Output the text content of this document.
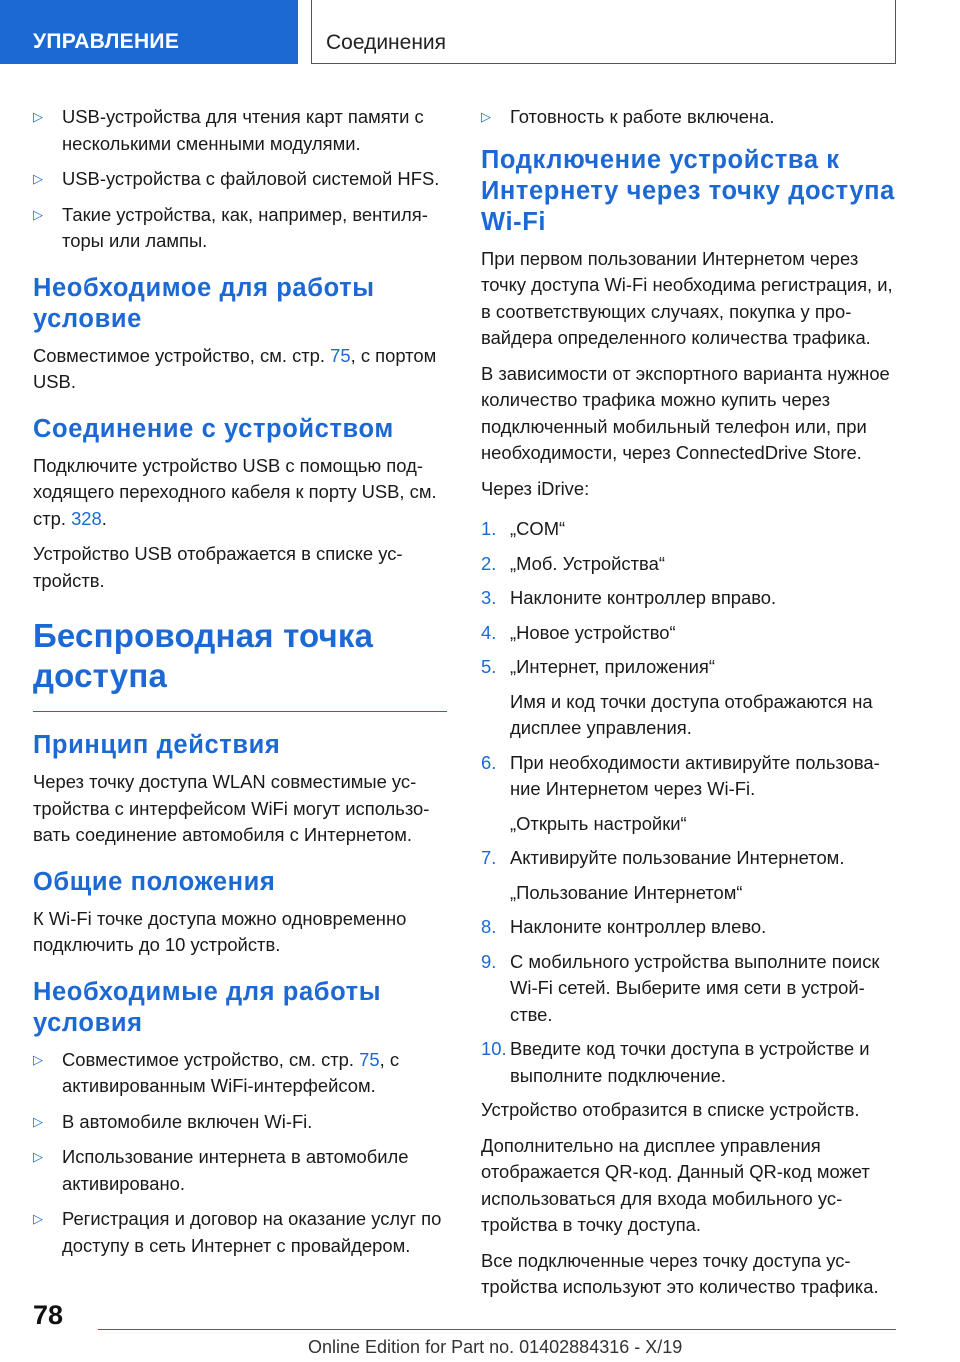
УПРАВЛЕНИЕ	Соединения
▷ USB-устройства для чтения карт памяти с несколькими сменными модулями.
▷ USB-устройства с файловой системой HFS.
▷ Такие устройства, как, например, вентиляторы или лампы.
Необходимое для работы условие
Совместимое устройство, см. стр. 75, с портом USB.
Соединение с устройством
Подключите устройство USB с помощью подходящего переходного кабеля к порту USB, см. стр. 328.
Устройство USB отображается в списке устройств.
Беспроводная точка доступа
Принцип действия
Через точку доступа WLAN совместимые устройства с интерфейсом WiFi могут использовать соединение автомобиля с Интернетом.
Общие положения
К Wi-Fi точке доступа можно одновременно подключить до 10 устройств.
Необходимые для работы условия
▷ Совместимое устройство, см. стр. 75, с активированным WiFi-интерфейсом.
▷ В автомобиле включен Wi-Fi.
▷ Использование интернета в автомобиле активировано.
▷ Регистрация и договор на оказание услуг по доступу в сеть Интернет с провайдером.
▷ Готовность к работе включена.
Подключение устройства к Интернету через точку доступа Wi-Fi
При первом пользовании Интернетом через точку доступа Wi-Fi необходима регистрация, и, в соответствующих случаях, покупка у провайдера определенного количества трафика.
В зависимости от экспортного варианта нужное количество трафика можно купить через подключенный мобильный телефон или, при необходимости, через ConnectedDrive Store.
Через iDrive:
1. „COM“
2. „Моб. Устройства“
3. Наклоните контроллер вправо.
4. „Новое устройство“
5. „Интернет, приложения“
Имя и код точки доступа отображаются на дисплее управления.
6. При необходимости активируйте пользование Интернетом через Wi-Fi.
„Открыть настройки“
7. Активируйте пользование Интернетом.
„Пользование Интернетом“
8. Наклоните контроллер влево.
9. С мобильного устройства выполните поиск Wi-Fi сетей. Выберите имя сети в устройстве.
10. Введите код точки доступа в устройстве и выполните подключение.
Устройство отобразится в списке устройств.
Дополнительно на дисплее управления отображается QR-код. Данный QR-код может использоваться для входа мобильного устройства в точку доступа.
Все подключенные через точку доступа устройства используют это количество трафика.
78
Online Edition for Part no. 01402884316 - X/19
